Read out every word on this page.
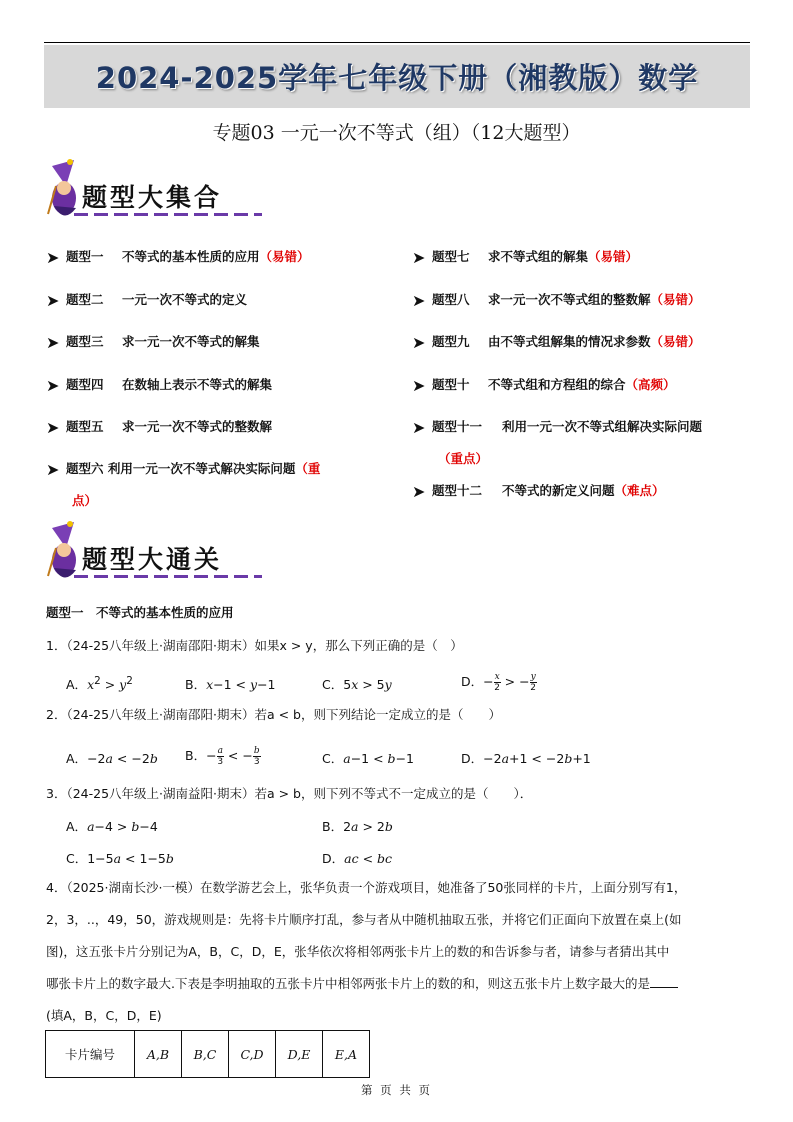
2024-2025学年七年级下册（湘教版）数学
专题03 一元一次不等式（组）（12大题型）
题型大集合
➤ 题型一 不等式的基本性质的应用（易错）
➤ 题型二 一元一次不等式的定义
➤ 题型三 求一元一次不等式的解集
➤ 题型四 在数轴上表示不等式的解集
➤ 题型五 求一元一次不等式的整数解
➤ 题型六 利用一元一次不等式解决实际问题（重
点）
➤ 题型七 求不等式组的解集（易错）
➤ 题型八 求一元一次不等式组的整数解（易错）
➤ 题型九 由不等式组解集的情况求参数（易错）
➤ 题型十 不等式组和方程组的综合（高频）
➤ 题型十一 利用一元一次不等式组解决实际问题
（重点）
➤ 题型十二 不等式的新定义问题（难点）
题型大通关
题型一　不等式的基本性质的应用
1．（24-25八年级上·湖南邵阳·期末）如果x > y，那么下列正确的是（　）
A．$x^2 > y^2$	B．x−1 < y−1	C．5x > 5y	D．− $\frac{x}{2}$ > − $\frac{y}{2}$
2．（24-25八年级上·湖南邵阳·期末）若a < b，则下列结论一定成立的是（　　）
A．−2a < −2b B．− $\frac{a}{3}$ < − $\frac{b}{3}$	C．a−1 < b−1	D．−2a+1 < −2b+1
3．（24-25八年级上·湖南益阳·期末）若a > b，则下列不等式不一定成立的是（　　）．
A．a−4 > b−4	B．2a > 2b
C．1−5a < 1−5b	D．ac < bc
4．（2025·湖南长沙·一模）在数学游艺会上，张华负责一个游戏项目，她准备了50张同样的卡片，上面分别写有1，
2，3，..，49，50，游戏规则是：先将卡片顺序打乱，参与者从中随机抽取五张，并将它们正面向下放置在桌上(如
图)，这五张卡片分别记为A，B，C，D，E，张华依次将相邻两张卡片上的数的和告诉参与者，请参与者猜出其中
哪张卡片上的数字最大.下表是李明抽取的五张卡片中相邻两张卡片上的数的和，则这五张卡片上数字最大的是
(填A，B，C，D，E)
卡片编号	A,B	B,C	C,D	D,E	E,A
第 页 共 页
